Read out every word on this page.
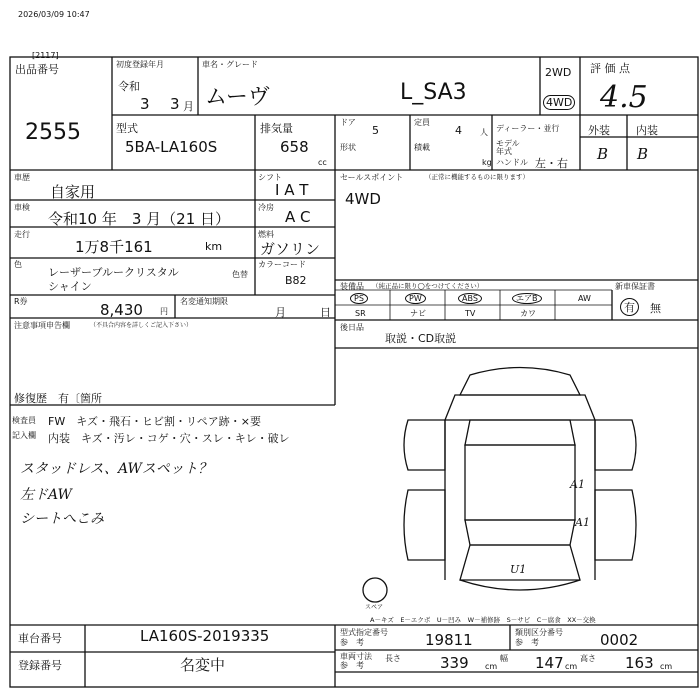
2026/03/09 10:47
[2117]
出品番号
2555
初度登録年月
令和
3 3 月
車名・グレード
ムーヴ	L_SA3
2WD
4WD
評 価 点
4.5
外装 内装
B B
型式
5BA-LA160S
排気量
658
cc
ドア
5
定員
4 人 ディーラー・並行
形状	積載
kg
モデル
年式
ハンドル 左・右
車歴
自家用
シフト
I A T
車検
令和10 年　3 月（21 日）
冷房
A C
走行
1万8千161	km
燃料
ガソリン
色
レーザーブルークリスタル
シャイン
色替
カラーコード
B82
R券	8,430 円
名変通知期限
月	日
注意事項申告欄	（不具合内容を詳しくご記入下さい）
修復歴　有〔箇所
セールスポイント	（正常に機能するものに限ります）
4WD
装備品 （純正品に限り◯をつけてください）	新車保証書
PS	PW	ABS	エアB	AW
SR	ナビ	TV	カワ	有	無
後日品
取説・CD取説
検査員
記入欄
FW　キズ・飛石・ヒビ割・リペア跡・×要
内装　キズ・汚レ・コゲ・穴・スレ・キレ・破レ
スタッドレス、AWスペット？
左ドAW
シートへこみ
A1
A1
U1
スペア
A－キズ　E－エクボ　U－凹み　W－補修跡　S－サビ　C－腐食　XX－交換
車台番号	LA160S-2019335
登録番号	名変中
型式指定番号
参　考	19811	類別区分番号
参　考	0002
車両寸法
参　考
長さ	339 cm
幅 147 cm
高さ 163 cm
